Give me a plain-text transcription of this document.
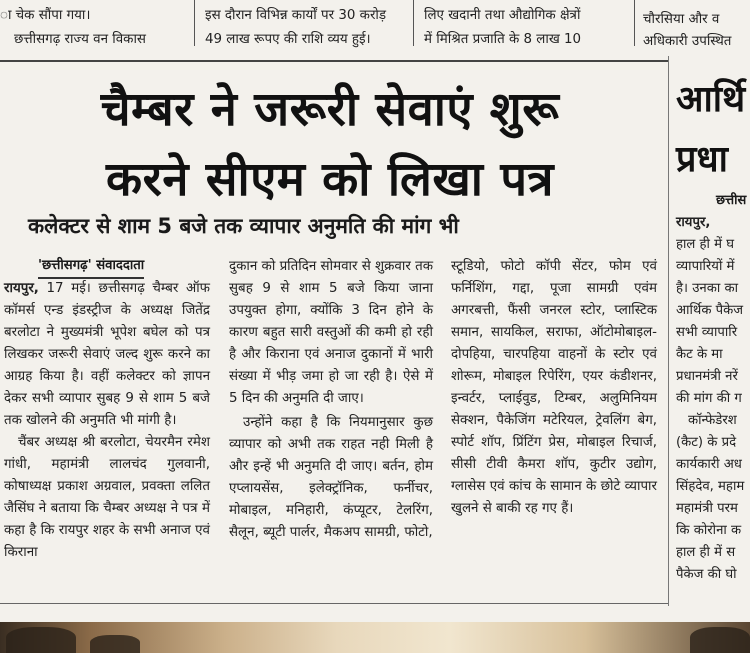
ा चेक सौंपा गया।
छत्तीसगढ़ राज्य वन विकास
इस दौरान विभिन्न कार्यों पर 30 करोड़
49 लाख रूपए की राशि व्यय हुई।
लिए खदानी तथा औद्योगिक क्षेत्रों
में मिश्रित प्रजाति के 8 लाख 10
चौरसिया और व
अधिकारी उपस्थित
चैम्बर ने जरूरी सेवाएं शुरू
करने सीएम को लिखा पत्र
कलेक्टर से शाम 5 बजे तक व्यापार अनुमति की मांग भी
'छत्तीसगढ़' संवाददाता
रायपुर, 17 मई। छत्तीसगढ़ चैम्बर ऑफ कॉमर्स एन्ड इंडस्ट्रीज के अध्यक्ष जितेंद्र बरलोटा ने मुख्यमंत्री भूपेश बघेल को पत्र लिखकर जरूरी सेवाएं जल्द शुरू करने का आग्रह किया है। वहीं कलेक्टर को ज्ञापन देकर सभी व्यापार सुबह 9 से शाम 5 बजे तक खोलने की अनुमति भी मांगी है।
चैंबर अध्यक्ष श्री बरलोटा, चेयरमैन रमेश गांधी, महामंत्री लालचंद गुलवानी, कोषाध्यक्ष प्रकाश अग्रवाल, प्रवक्ता ललित जैसिंघ ने बताया कि चैम्बर अध्यक्ष ने पत्र में कहा है कि रायपुर शहर के सभी अनाज एवं किराना
दुकान को प्रतिदिन सोमवार से शुक्रवार तक सुबह 9 से शाम 5 बजे किया जाना उपयुक्त होगा, क्योंकि 3 दिन होने के कारण बहुत सारी वस्तुओं की कमी हो रही है और किराना एवं अनाज दुकानों में भारी संख्या में भीड़ जमा हो जा रही है। ऐसे में 5 दिन की अनुमति दी जाए।
उन्होंने कहा है कि नियमानुसार कुछ व्यापार को अभी तक राहत नही मिली है और इन्हें भी अनुमति दी जाए। बर्तन, होम एप्लायसेंस, इलेक्ट्रॉनिक, फर्नीचर, मोबाइल, मनिहारी, कंप्यूटर, टेलरिंग, सैलून, ब्यूटी पार्लर, मैकअप सामग्री, फोटो,
स्टूडियो, फोटो कॉपी सेंटर, फोम एवं फर्निशिंग, गद्दा, पूजा सामग्री एवंम अगरबत्ती, फैंसी जनरल स्टोर, प्लास्टिक समान, सायकिल, सराफा, ऑटोमोबाइल-दोपहिया, चारपहिया वाहनों के स्टोर एवं शोरूम, मोबाइल रिपेरिंग, एयर कंडीशनर, इन्वर्टर, प्लाईवुड, टिम्बर, अलुमिनियम सेक्शन, पैकेजिंग मटेरियल, ट्रेवलिंग बेग, स्पोर्ट शॉप, प्रिंटिंग प्रेस, मोबाइल रिचार्ज, सीसी टीवी कैमरा शॉप, कुटीर उद्योग, ग्लासेस एवं कांच के सामान के छोटे व्यापार खुलने से बाकी रह गए हैं।
आर्थि
प्रधा
छत्तीस
रायपुर,
हाल ही में घ
व्यापारियों में
है। उनका का
आर्थिक पैकेज
सभी व्यापारि
कैट के मा
प्रधानमंत्री नरें
की मांग की ग
कॉन्फेडेरश
(कैट) के प्रदे
कार्यकारी अध
सिंहदेव, महाम
महामंत्री परम
कि कोरोना क
हाल ही में स
पैकेज की घो
